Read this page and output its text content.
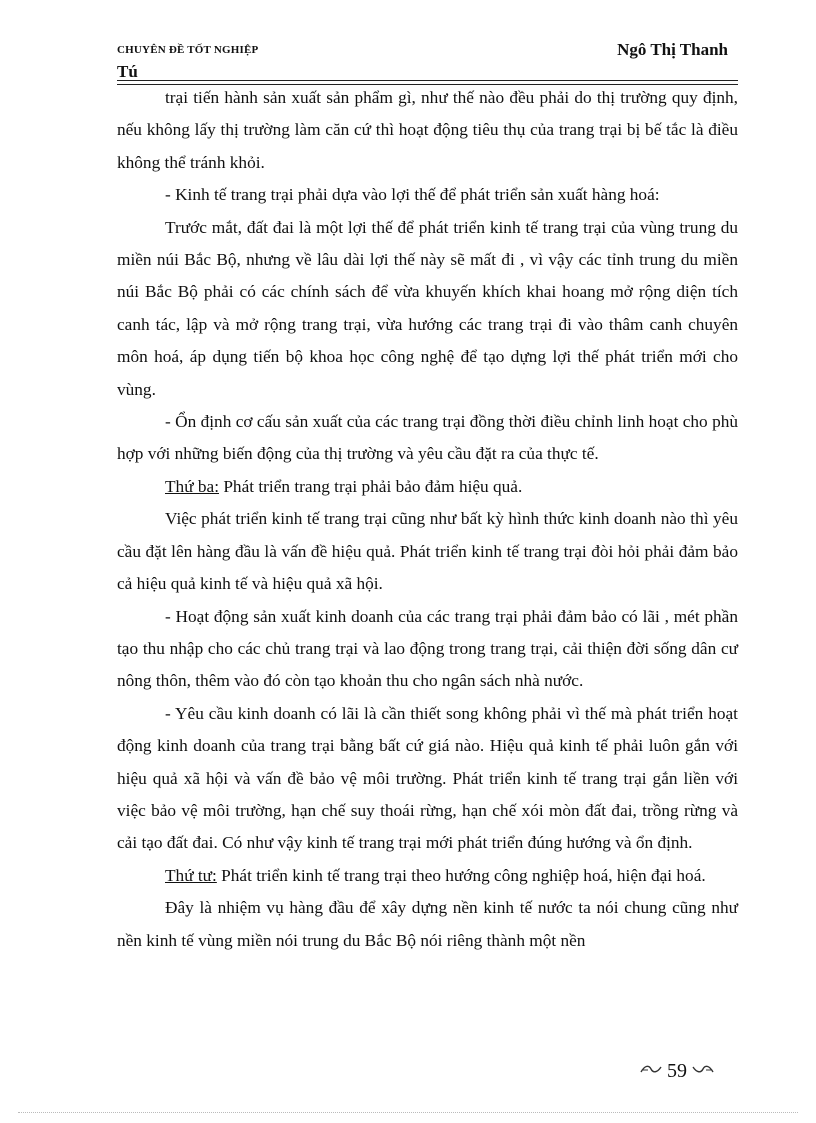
CHUYÊN ĐỀ TỐT NGHIỆP	Ngô Thị Thanh
Tú

trại tiến hành sản xuất sản phẩm gì, như thế nào đều phải do thị trường quy định, nếu không lấy thị trường làm căn cứ thì hoạt động tiêu thụ của trang trại bị bế tắc là điều không thể tránh khỏi.

- Kinh tế trang trại phải dựa vào lợi thế để phát triển sản xuất hàng hoá:

Trước mắt, đất đai là một lợi thế để phát triển kinh tế trang trại của vùng trung du miền núi Bắc Bộ, nhưng về lâu dài lợi thế này sẽ mất đi , vì vậy các tỉnh trung du miền núi Bắc Bộ phải có các chính sách để vừa khuyến khích khai hoang mở rộng diện tích canh tác, lập và mở rộng trang trại, vừa hướng các trang trại đi vào thâm canh chuyên môn hoá, áp dụng tiến bộ khoa học công nghệ để tạo dựng lợi thế phát triển mới cho vùng.

- Ổn định cơ cấu sản xuất của các trang trại đồng thời điều chỉnh linh hoạt cho phù hợp với những biến động của thị trường và yêu cầu đặt ra của thực tế.

Thứ ba: Phát triển trang trại phải bảo đảm hiệu quả.

Việc phát triển kinh tế trang trại cũng như bất kỳ hình thức kinh doanh nào thì yêu cầu đặt lên hàng đầu là vấn đề hiệu quả. Phát triển kinh tế trang trại đòi hỏi phải đảm bảo cả hiệu quả kinh tế và hiệu quả xã hội.

- Hoạt động sản xuất kinh doanh của các trang trại phải đảm bảo có lãi , mét phần tạo thu nhập cho các chủ trang trại và lao động trong trang trại, cải thiện đời sống dân cư nông thôn, thêm vào đó còn tạo khoản thu cho ngân sách nhà nước.

- Yêu cầu kinh doanh có lãi là cần thiết song không phải vì thế mà phát triển hoạt động kinh doanh của trang trại bằng bất cứ giá nào. Hiệu quả kinh tế phải luôn gắn với hiệu quả xã hội và vấn đề bảo vệ môi trường. Phát triển kinh tế trang trại gắn liền với việc bảo vệ môi trường, hạn chế suy thoái rừng, hạn chế xói mòn đất đai, trồng rừng và cải tạo đất đai. Có như vậy kinh tế trang trại mới phát triển đúng hướng và ổn định.

Thứ tư: Phát triển kinh tế trang trại theo hướng công nghiệp hoá, hiện đại hoá.

Đây là nhiệm vụ hàng đầu để xây dựng nền kinh tế nước ta nói chung cũng như nền kinh tế vùng miền nói trung du Bắc Bộ nói riêng thành một nền

59
